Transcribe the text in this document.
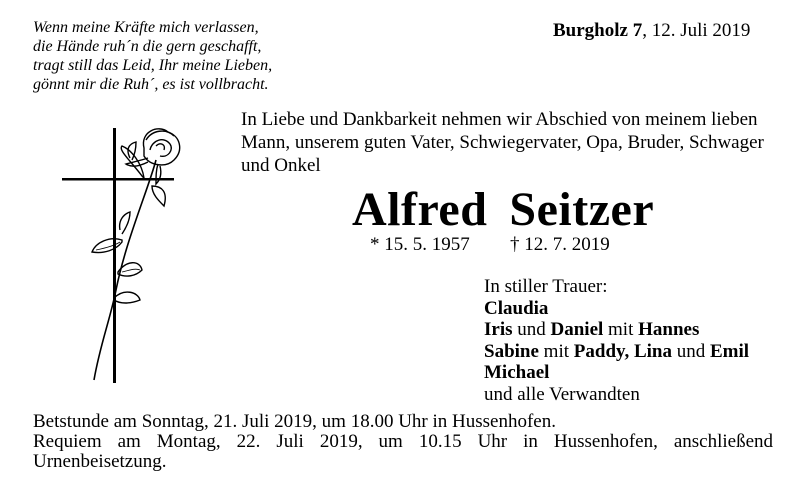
Wenn meine Kräfte mich verlassen,
die Hände ruh´n die gern geschafft,
tragt still das Leid, Ihr meine Lieben,
gönnt mir die Ruh´, es ist vollbracht.
Burgholz 7, 12. Juli 2019
In Liebe und Dankbarkeit nehmen wir Abschied von meinem lieben Mann, unserem guten Vater, Schwiegervater, Opa, Bruder, Schwager und Onkel
Alfred Seitzer
* 15. 5. 1957 † 12. 7. 2019
In stiller Trauer:
Claudia
Iris und Daniel mit Hannes
Sabine mit Paddy, Lina und Emil
Michael
und alle Verwandten
Betstunde am Sonntag, 21. Juli 2019, um 18.00 Uhr in Hussenhofen.
Requiem am Montag, 22. Juli 2019, um 10.15 Uhr in Hussenhofen, anschließend Urnenbeisetzung.
